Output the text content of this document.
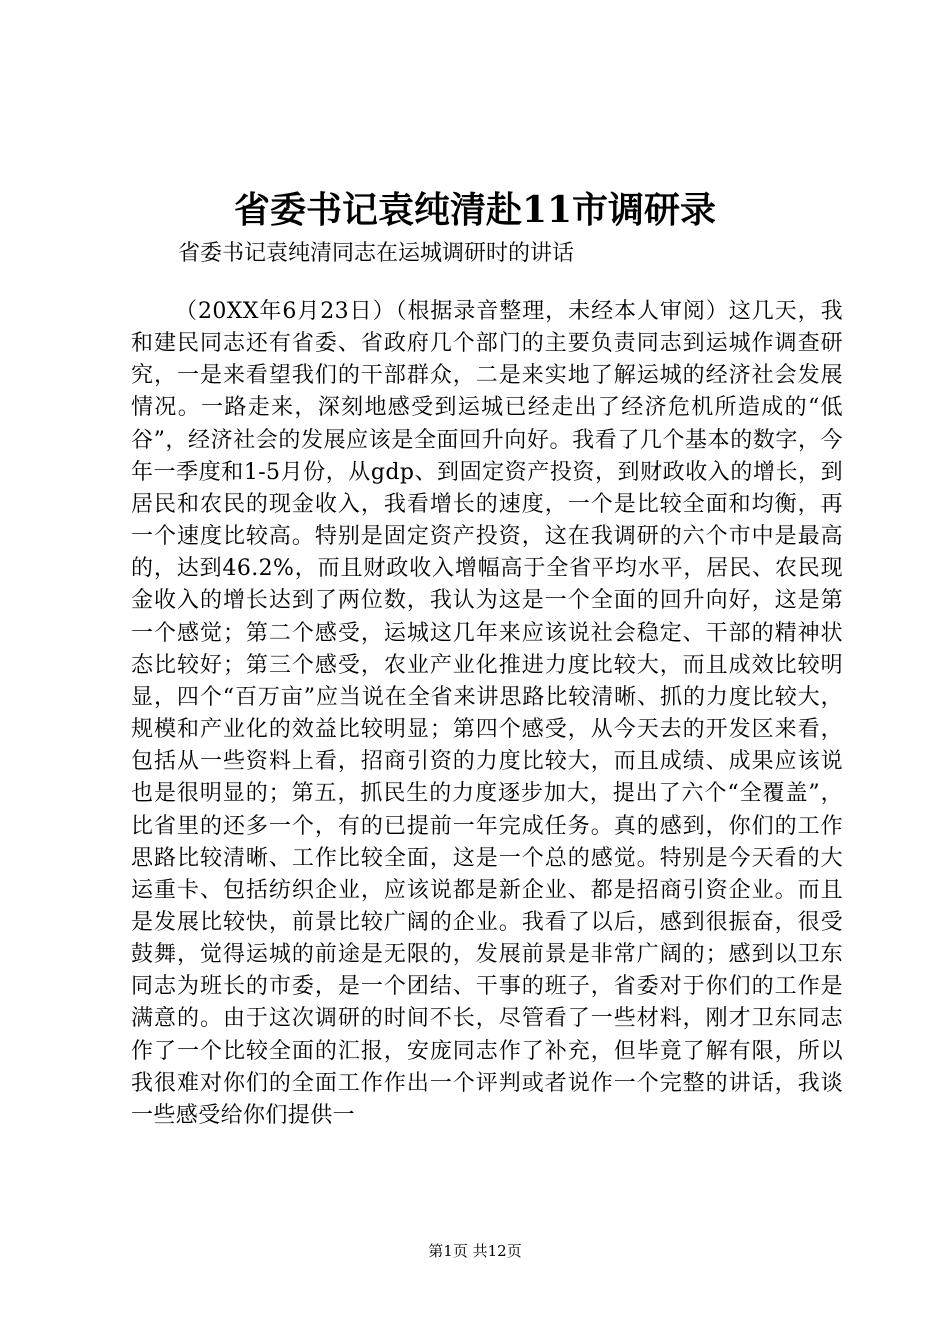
省委书记袁纯清赴11市调研录

省委书记袁纯清同志在运城调研时的讲话

（20XX年6月23日）（根据录音整理，未经本人审阅）这几天，我和建民同志还有省委、省政府几个部门的主要负责同志到运城作调查研究，一是来看望我们的干部群众，二是来实地了解运城的经济社会发展情况。一路走来，深刻地感受到运城已经走出了经济危机所造成的“低谷”，经济社会的发展应该是全面回升向好。我看了几个基本的数字，今年一季度和1-5月份，从gdp、到固定资产投资，到财政收入的增长，到居民和农民的现金收入，我看增长的速度，一个是比较全面和均衡，再一个速度比较高。特别是固定资产投资，这在我调研的六个市中是最高的，达到46.2%，而且财政收入增幅高于全省平均水平，居民、农民现金收入的增长达到了两位数，我认为这是一个全面的回升向好，这是第一个感觉；第二个感受，运城这几年来应该说社会稳定、干部的精神状态比较好；第三个感受，农业产业化推进力度比较大，而且成效比较明显，四个“百万亩”应当说在全省来讲思路比较清晰、抓的力度比较大，规模和产业化的效益比较明显；第四个感受，从今天去的开发区来看，包括从一些资料上看，招商引资的力度比较大，而且成绩、成果应该说也是很明显的；第五，抓民生的力度逐步加大，提出了六个“全覆盖”，比省里的还多一个，有的已提前一年完成任务。真的感到，你们的工作思路比较清晰、工作比较全面，这是一个总的感觉。特别是今天看的大运重卡、包括纺织企业，应该说都是新企业、都是招商引资企业。而且是发展比较快，前景比较广阔的企业。我看了以后，感到很振奋，很受鼓舞，觉得运城的前途是无限的，发展前景是非常广阔的；感到以卫东同志为班长的市委，是一个团结、干事的班子，省委对于你们的工作是满意的。由于这次调研的时间不长，尽管看了一些材料，刚才卫东同志作了一个比较全面的汇报，安庞同志作了补充，但毕竟了解有限，所以我很难对你们的全面工作作出一个评判或者说作一个完整的讲话，我谈一些感受给你们提供一

第1页 共12页
